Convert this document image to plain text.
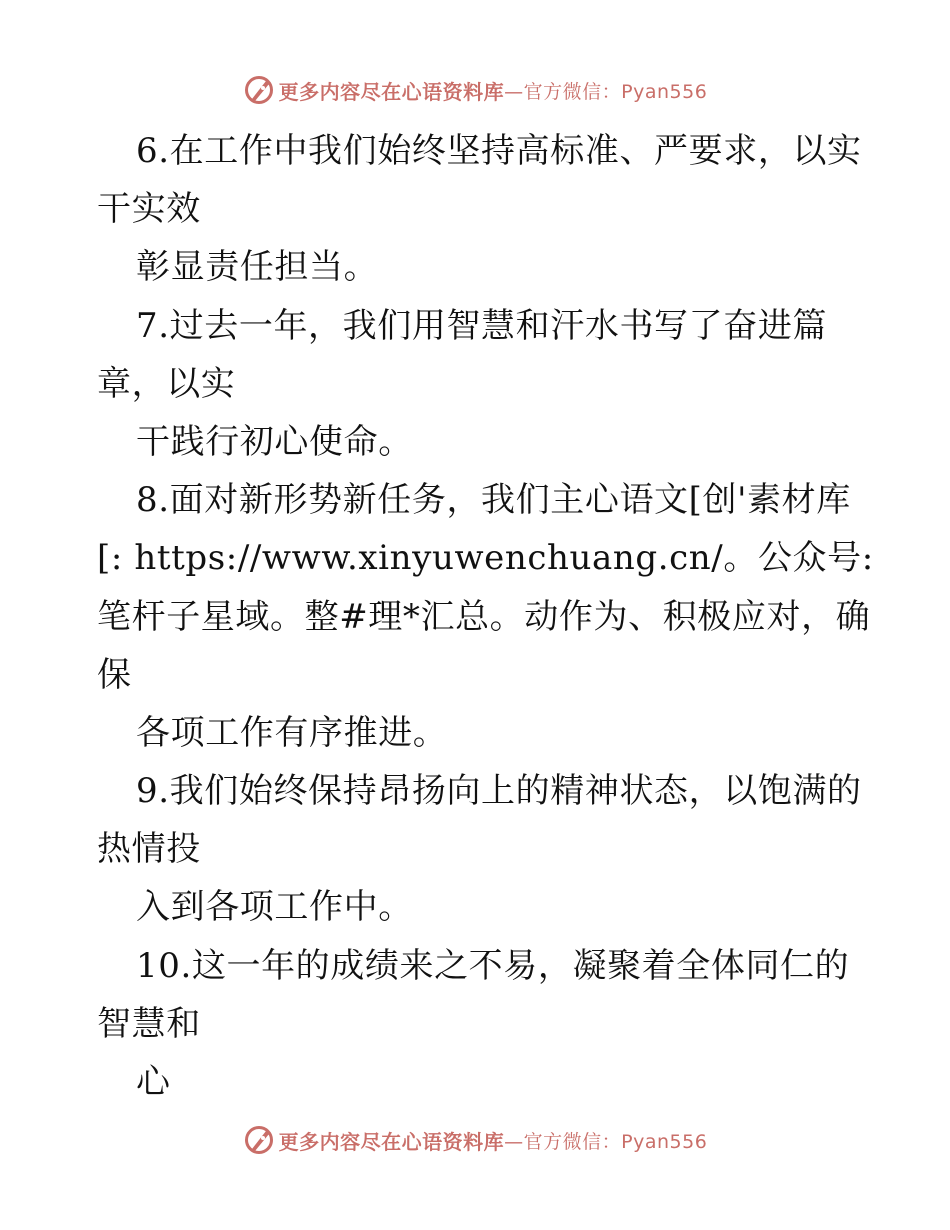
更多内容尽在心语资料库 —官方微信：Pyan556
6.在工作中我们始终坚持高标准、严要求，以实
干实效
彰显责任担当。
7.过去一年，我们用智慧和汗水书写了奋进篇
章，以实
干践行初心使命。
8.面对新形势新任务，我们主心语文[创'素材库
[: https://www.xinyuwenchuang.cn/。公众号:
笔杆子星域。整#理*汇总。动作为、积极应对，确
保
各项工作有序推进。
9.我们始终保持昂扬向上的精神状态，以饱满的
热情投
入到各项工作中。
10.这一年的成绩来之不易，凝聚着全体同仁的
智慧和
心
更多内容尽在心语资料库 —官方微信：Pyan556
